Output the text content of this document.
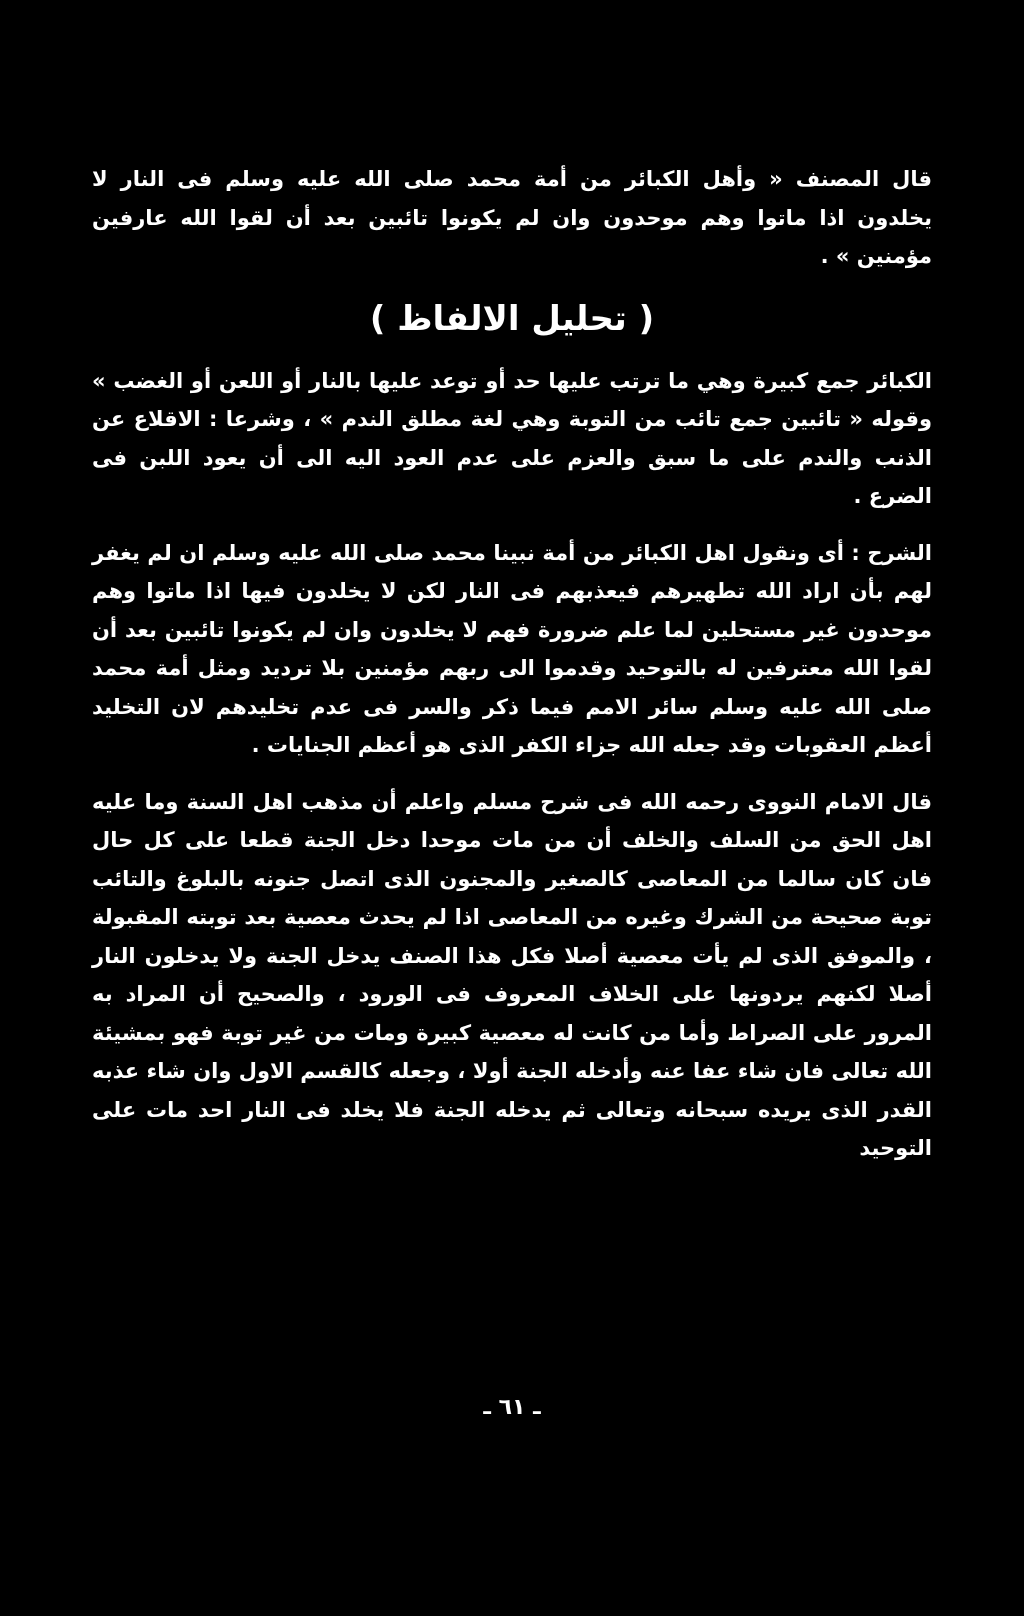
قال المصنف « وأهل الكبائر من أمة محمد صلى الله عليه وسلم فى النار لا يخلدون اذا ماتوا وهم موحدون وان لم يكونوا تائبين بعد أن لقوا الله عارفين مؤمنين » .

( تحليل الالفاظ )

الكبائر جمع كبيرة وهي ما ترتب عليها حد أو توعد عليها بالنار أو اللعن أو الغضب » وقوله « تائبين جمع تائب من التوبة وهي لغة مطلق الندم » ، وشرعا : الاقلاع عن الذنب والندم على ما سبق والعزم على عدم العود اليه الى أن يعود اللبن فى الضرع .

الشرح : أى ونقول اهل الكبائر من أمة نبينا محمد صلى الله عليه وسلم ان لم يغفر لهم بأن اراد الله تطهيرهم فيعذبهم فى النار لكن لا يخلدون فيها اذا ماتوا وهم موحدون غير مستحلين لما علم ضرورة فهم لا يخلدون وان لم يكونوا تائبين بعد أن لقوا الله معترفين له بالتوحيد وقدموا الى ربهم مؤمنين بلا ترديد ومثل أمة محمد صلى الله عليه وسلم سائر الامم فيما ذكر والسر فى عدم تخليدهم لان التخليد أعظم العقوبات وقد جعله الله جزاء الكفر الذى هو أعظم الجنايات .

قال الامام النووى رحمه الله فى شرح مسلم واعلم أن مذهب اهل السنة وما عليه اهل الحق من السلف والخلف أن من مات موحدا دخل الجنة قطعا على كل حال فان كان سالما من المعاصى كالصغير والمجنون الذى اتصل جنونه بالبلوغ والتائب توبة صحيحة من الشرك وغيره من المعاصى اذا لم يحدث معصية بعد توبته المقبولة ، والموفق الذى لم يأت معصية أصلا فكل هذا الصنف يدخل الجنة ولا يدخلون النار أصلا لكنهم يردونها على الخلاف المعروف فى الورود ، والصحيح أن المراد به المرور على الصراط وأما من كانت له معصية كبيرة ومات من غير توبة فهو بمشيئة الله تعالى فان شاء عفا عنه وأدخله الجنة أولا ، وجعله كالقسم الاول وان شاء عذبه القدر الذى يريده سبحانه وتعالى ثم يدخله الجنة فلا يخلد فى النار احد مات على التوحيد

ـ ٦١ ـ
